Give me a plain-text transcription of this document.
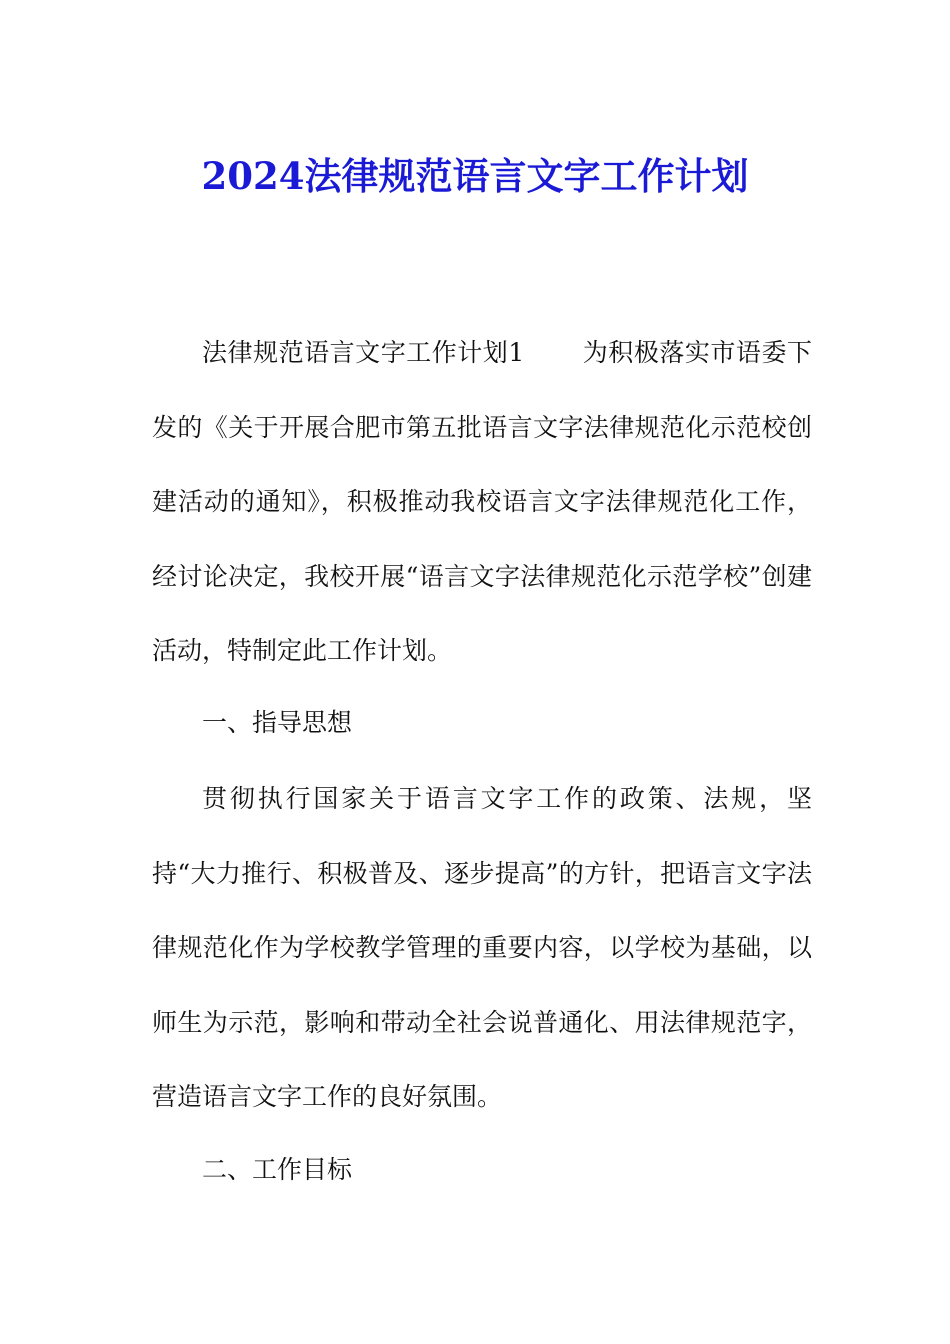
2024法律规范语言文字工作计划

法律规范语言文字工作计划1 为积极落实市语委下发的《关于开展合肥市第五批语言文字法律规范化示范校创建活动的通知》，积极推动我校语言文字法律规范化工作，经讨论决定，我校开展“语言文字法律规范化示范学校”创建活动，特制定此工作计划。

一、指导思想

贯彻执行国家关于语言文字工作的政策、法规，坚持“大力推行、积极普及、逐步提高”的方针，把语言文字法律规范化作为学校教学管理的重要内容，以学校为基础，以师生为示范，影响和带动全社会说普通化、用法律规范字，营造语言文字工作的良好氛围。

二、工作目标
